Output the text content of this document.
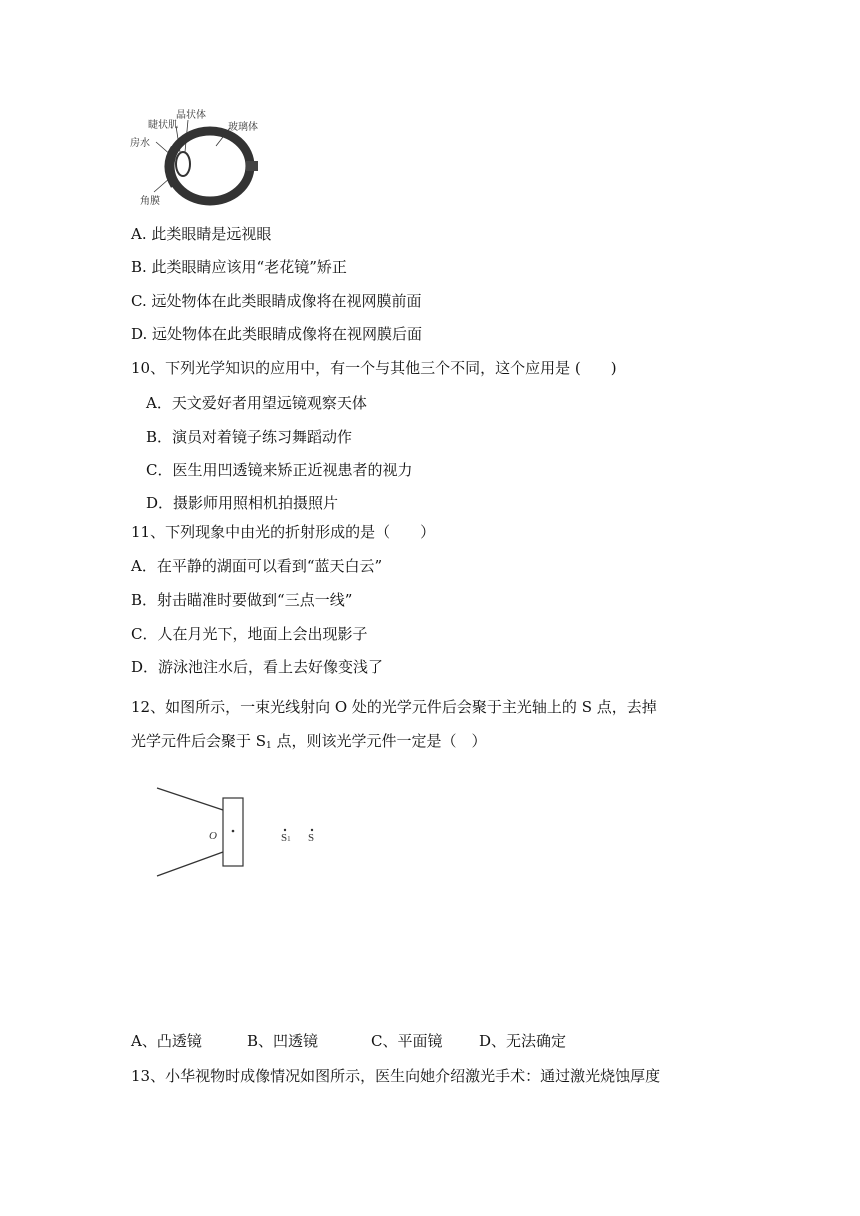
睫状肌
晶状体
玻璃体
房水
角膜
A. 此类眼睛是远视眼
B. 此类眼睛应该用“老花镜”矫正
C. 远处物体在此类眼睛成像将在视网膜前面
D. 远处物体在此类眼睛成像将在视网膜后面
10、下列光学知识的应用中，有一个与其他三个不同，这个应用是 (　　)
A．天文爱好者用望远镜观察天体
B．演员对着镜子练习舞蹈动作
C．医生用凹透镜来矫正近视患者的视力
D．摄影师用照相机拍摄照片
11、下列现象中由光的折射形成的是（　　）
A．在平静的湖面可以看到“蓝天白云”
B．射击瞄准时要做到“三点一线”
C．人在月光下，地面上会出现影子
D．游泳池注水后，看上去好像变浅了
12、如图所示，一束光线射向 O 处的光学元件后会聚于主光轴上的 S 点，去掉
光学元件后会聚于 $S_1$ 点，则该光学元件一定是（　）
O	S1 S
A、凸透镜	B、凹透镜	C、平面镜 D、无法确定
13、小华视物时成像情况如图所示，医生向她介绍激光手术：通过激光烧蚀厚度
